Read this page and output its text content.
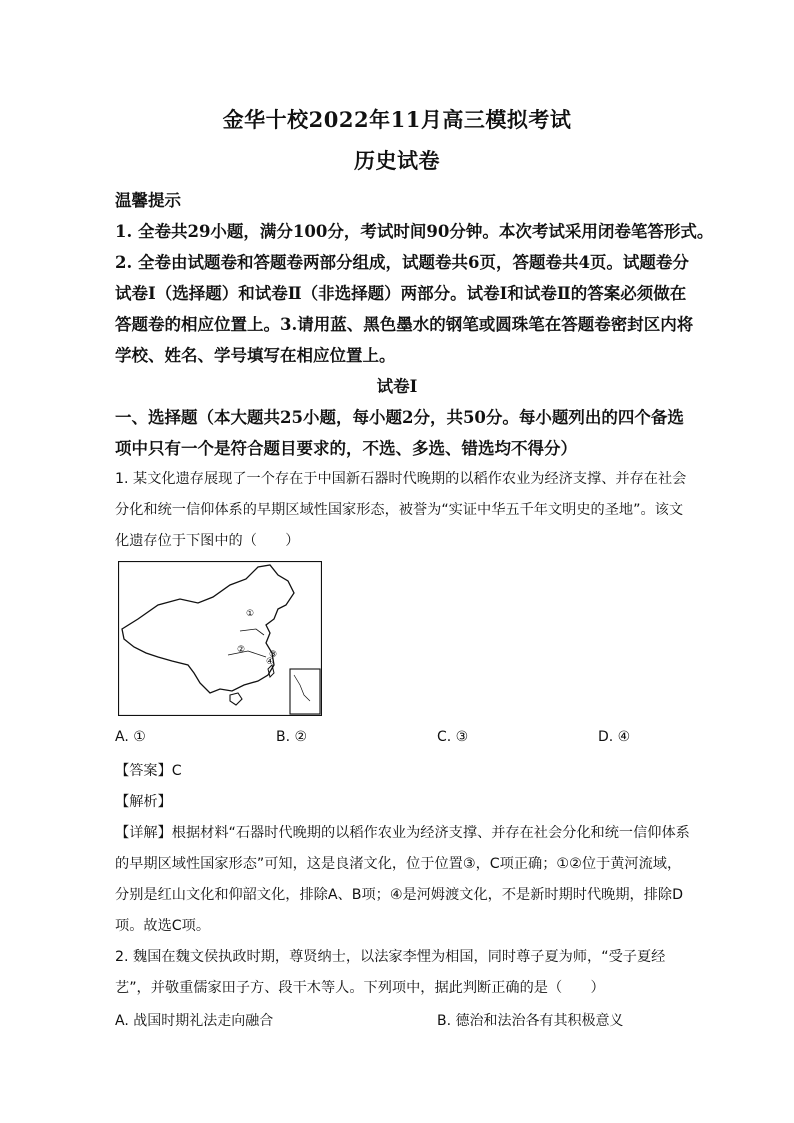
金华十校2022年11月高三模拟考试
历史试卷
温馨提示
1. 全卷共29小题，满分100分，考试时间90分钟。本次考试采用闭卷笔答形式。
2. 全卷由试题卷和答题卷两部分组成，试题卷共6页，答题卷共4页。试题卷分
试卷Ⅰ（选择题）和试卷Ⅱ（非选择题）两部分。试卷Ⅰ和试卷Ⅱ的答案必须做在
答题卷的相应位置上。3.请用蓝、黑色墨水的钢笔或圆珠笔在答题卷密封区内将
学校、姓名、学号填写在相应位置上。
试卷Ⅰ
一、选择题（本大题共25小题，每小题2分，共50分。每小题列出的四个备选
项中只有一个是符合题目要求的，不选、多选、错选均不得分）
1. 某文化遗存展现了一个存在于中国新石器时代晚期的以稻作农业为经济支撑、并存在社会
分化和统一信仰体系的早期区域性国家形态，被誉为“实证中华五千年文明史的圣地”。该文
化遗存位于下图中的（　　）
①
②	③
④
A. ①	B. ②	C. ③	D. ④
【答案】C
【解析】
【详解】根据材料“石器时代晚期的以稻作农业为经济支撑、并存在社会分化和统一信仰体系
的早期区域性国家形态”可知，这是良渚文化，位于位置③，C项正确；①②位于黄河流域，
分别是红山文化和仰韶文化，排除A、B项；④是河姆渡文化，不是新时期时代晚期，排除D
项。故选C项。
2. 魏国在魏文侯执政时期，尊贤纳士，以法家李悝为相国，同时尊子夏为师，“受子夏经
艺”，并敬重儒家田子方、段干木等人。下列项中，据此判断正确的是（　　）
A. 战国时期礼法走向融合	B. 德治和法治各有其积极意义
